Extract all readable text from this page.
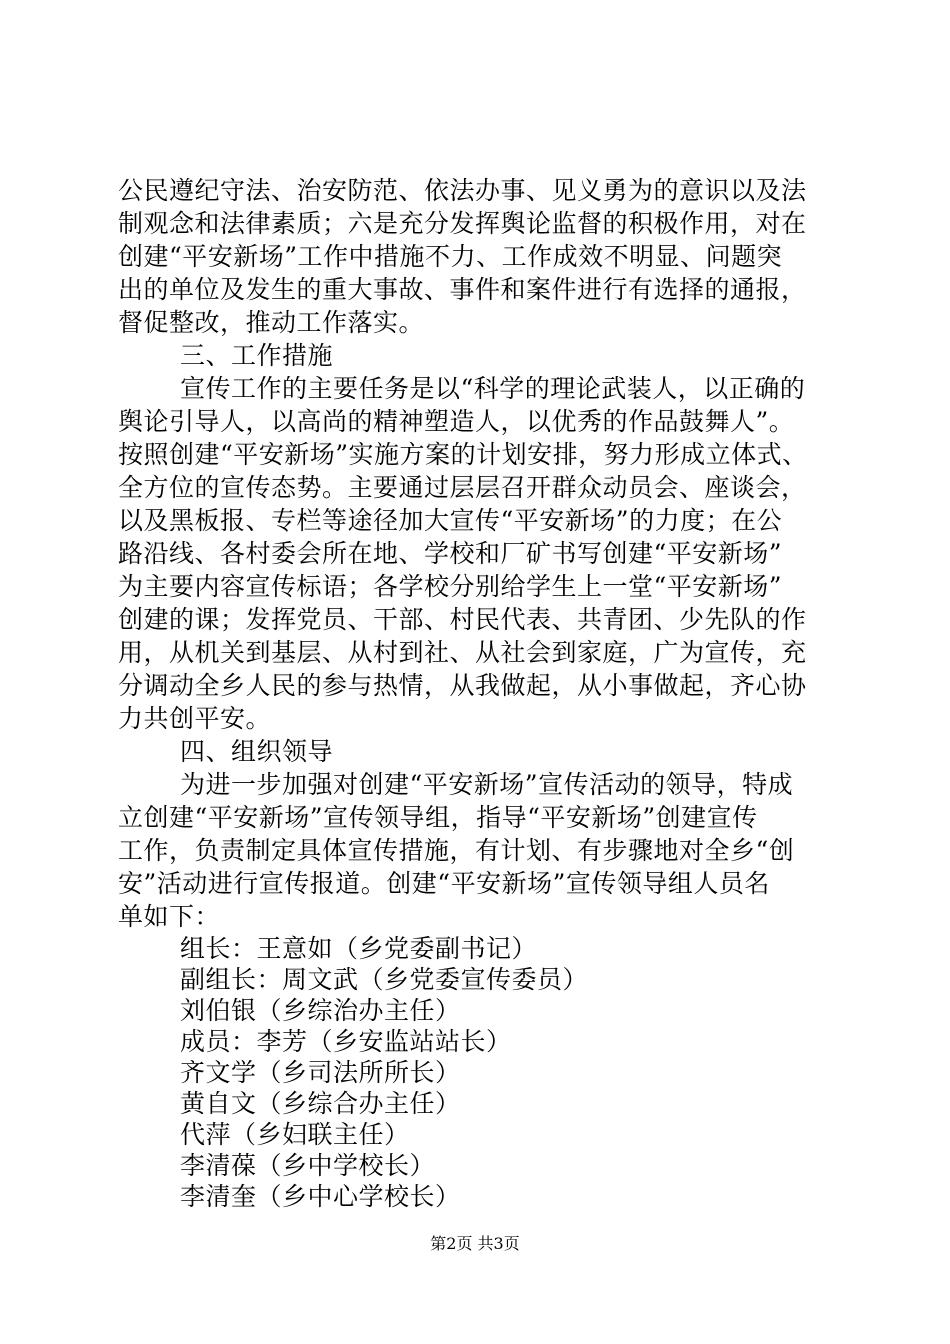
公民遵纪守法、治安防范、依法办事、见义勇为的意识以及法
制观念和法律素质；六是充分发挥舆论监督的积极作用，对在
创建“平安新场”工作中措施不力、工作成效不明显、问题突
出的单位及发生的重大事故、事件和案件进行有选择的通报，
督促整改，推动工作落实。
三、工作措施
宣传工作的主要任务是以“科学的理论武装人，以正确的
舆论引导人，以高尚的精神塑造人，以优秀的作品鼓舞人”。
按照创建“平安新场”实施方案的计划安排，努力形成立体式、
全方位的宣传态势。主要通过层层召开群众动员会、座谈会，
以及黑板报、专栏等途径加大宣传“平安新场”的力度；在公
路沿线、各村委会所在地、学校和厂矿书写创建“平安新场”
为主要内容宣传标语；各学校分别给学生上一堂“平安新场”
创建的课；发挥党员、干部、村民代表、共青团、少先队的作
用，从机关到基层、从村到社、从社会到家庭，广为宣传，充
分调动全乡人民的参与热情，从我做起，从小事做起，齐心协
力共创平安。
四、组织领导
为进一步加强对创建“平安新场”宣传活动的领导，特成
立创建“平安新场”宣传领导组，指导“平安新场”创建宣传
工作，负责制定具体宣传措施，有计划、有步骤地对全乡“创
安”活动进行宣传报道。创建“平安新场”宣传领导组人员名
单如下：
组长：王意如（乡党委副书记）
副组长：周文武（乡党委宣传委员）
刘伯银（乡综治办主任）
成员：李芳（乡安监站站长）
齐文学（乡司法所所长）
黄自文（乡综合办主任）
代萍（乡妇联主任）
李清葆（乡中学校长）
李清奎（乡中心学校长）
第2页 共3页
